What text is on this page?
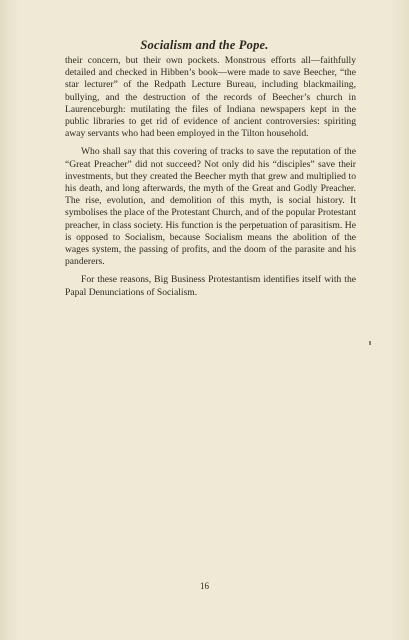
Socialism and the Pope.

their concern, but their own pockets. Monstrous efforts all—faithfully detailed and checked in Hibben’s book—were made to save Beecher, “the star lecturer” of the Redpath Lecture Bureau, including blackmailing, bullying, and the destruction of the records of Beecher’s church in Laurenceburgh: mutilating the files of Indiana newspapers kept in the public libraries to get rid of evidence of ancient controversies: spiriting away servants who had been employed in the Tilton household.

Who shall say that this covering of tracks to save the reputation of the “Great Preacher” did not succeed? Not only did his “disciples” save their investments, but they created the Beecher myth that grew and multiplied to his death, and long afterwards, the myth of the Great and Godly Preacher. The rise, evolution, and demolition of this myth, is social history. It symbolises the place of the Protestant Church, and of the popular Protestant preacher, in class society. His function is the perpetuation of parasitism. He is opposed to Socialism, because Socialism means the abolition of the wages system, the passing of profits, and the doom of the parasite and his panderers.

For these reasons, Big Business Protestantism identifies itself with the Papal Denunciations of Socialism.

16
